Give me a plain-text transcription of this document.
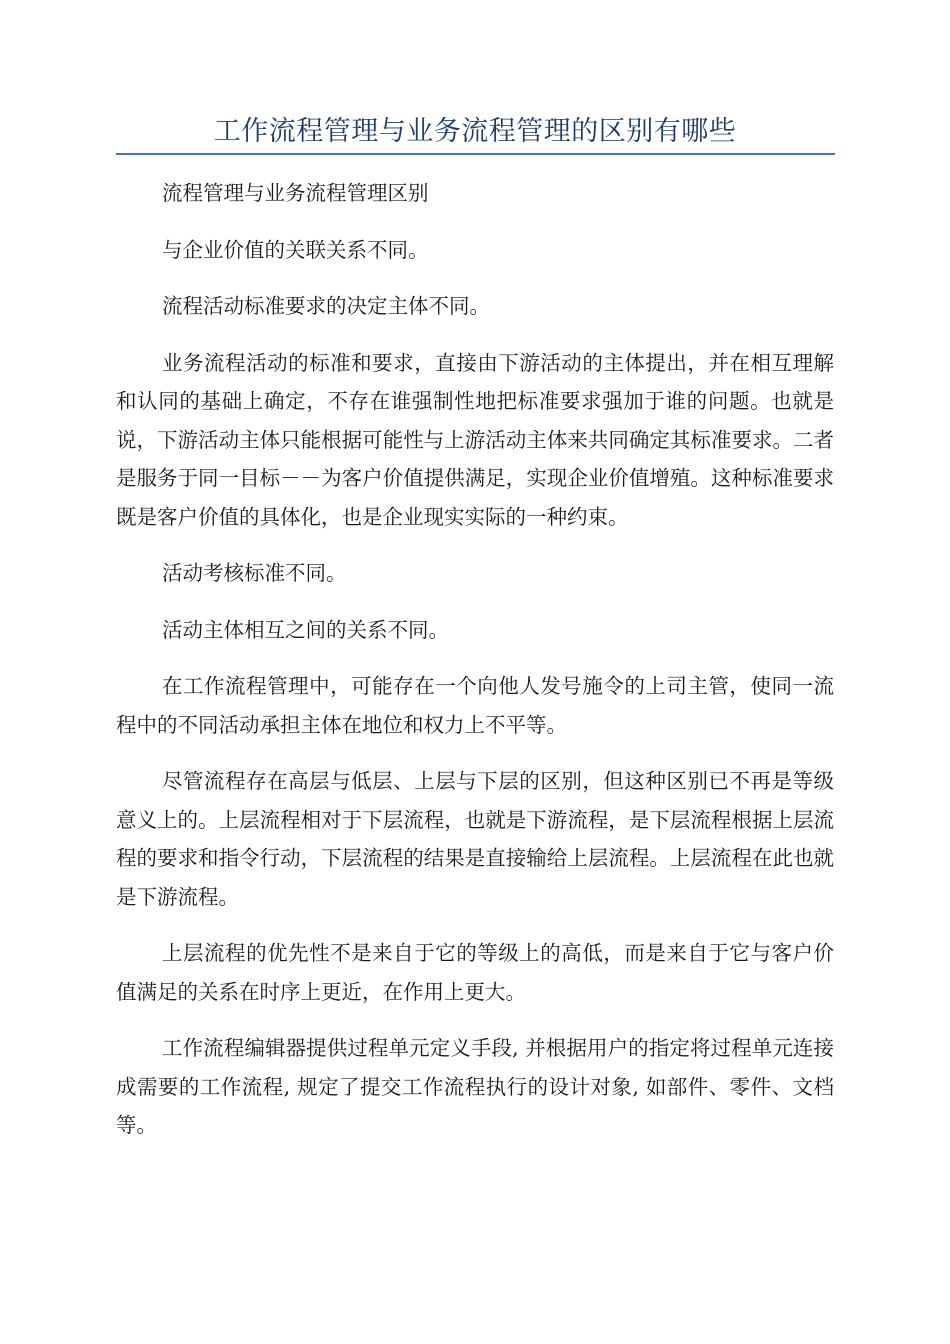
工作流程管理与业务流程管理的区别有哪些

流程管理与业务流程管理区别

与企业价值的关联关系不同。

流程活动标准要求的决定主体不同。

业务流程活动的标准和要求，直接由下游活动的主体提出，并在相互理解和认同的基础上确定，不存在谁强制性地把标准要求强加于谁的问题。也就是说，下游活动主体只能根据可能性与上游活动主体来共同确定其标准要求。二者是服务于同一目标－－为客户价值提供满足，实现企业价值增殖。这种标准要求既是客户价值的具体化，也是企业现实实际的一种约束。

活动考核标准不同。

活动主体相互之间的关系不同。

在工作流程管理中，可能存在一个向他人发号施令的上司主管，使同一流程中的不同活动承担主体在地位和权力上不平等。

尽管流程存在高层与低层、上层与下层的区别，但这种区别已不再是等级意义上的。上层流程相对于下层流程，也就是下游流程，是下层流程根据上层流程的要求和指令行动，下层流程的结果是直接输给上层流程。上层流程在此也就是下游流程。

上层流程的优先性不是来自于它的等级上的高低，而是来自于它与客户价值满足的关系在时序上更近，在作用上更大。

工作流程编辑器提供过程单元定义手段, 并根据用户的指定将过程单元连接成需要的工作流程, 规定了提交工作流程执行的设计对象, 如部件、零件、文档等。
